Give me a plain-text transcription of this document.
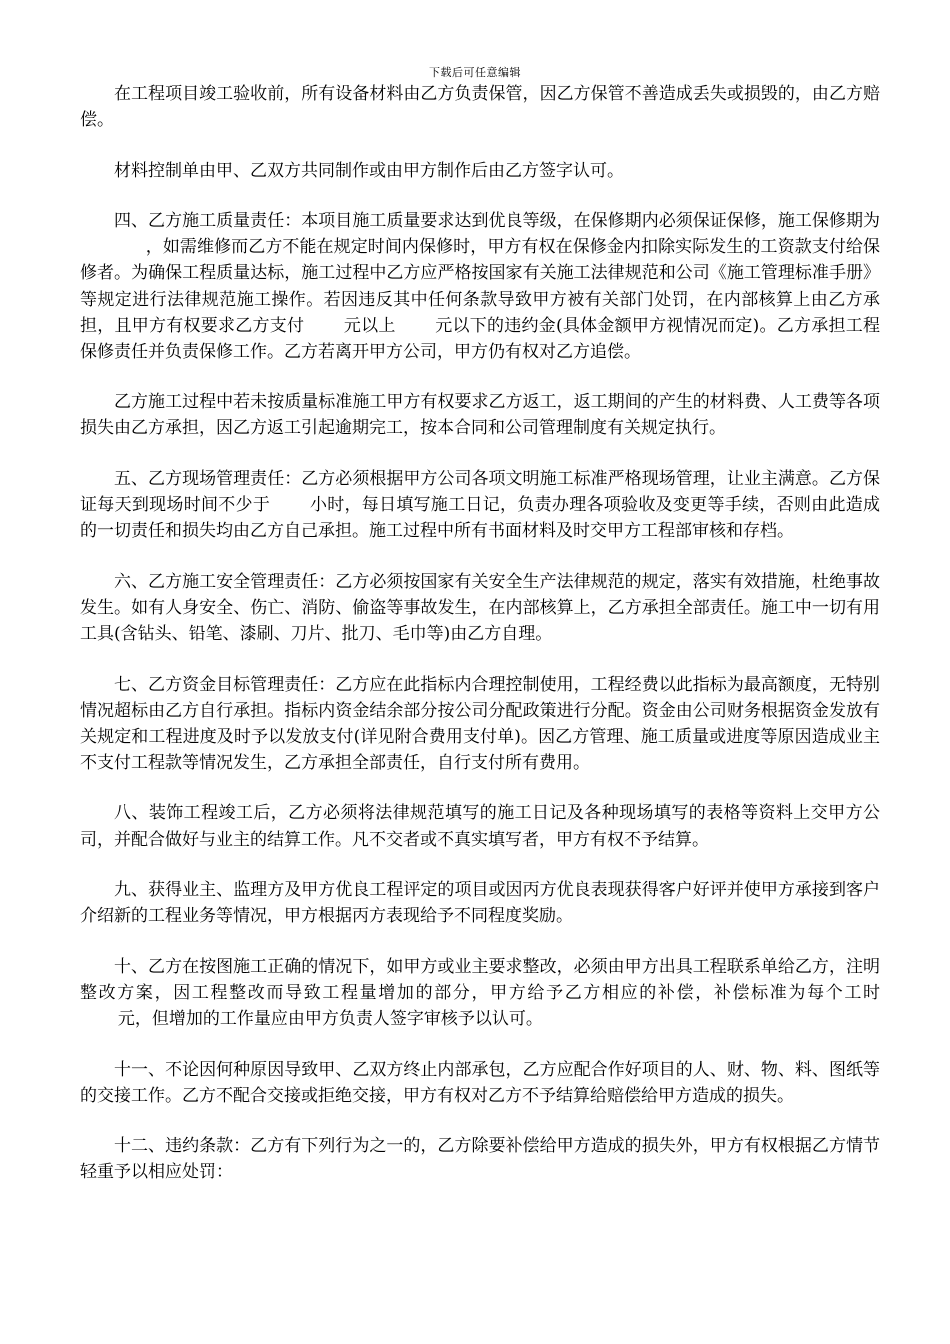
下载后可任意编辑

在工程项目竣工验收前，所有设备材料由乙方负责保管，因乙方保管不善造成丢失或损毁的，由乙方赔偿。

材料控制单由甲、乙双方共同制作或由甲方制作后由乙方签字认可。

四、乙方施工质量责任：本项目施工质量要求达到优良等级，在保修期内必须保证保修，施工保修期为            ，如需维修而乙方不能在规定时间内保修时，甲方有权在保修金内扣除实际发生的工资款支付给保修者。为确保工程质量达标，施工过程中乙方应严格按国家有关施工法律规范和公司《施工管理标准手册》等规定进行法律规范施工操作。若因违反其中任何条款导致甲方被有关部门处罚，在内部核算上由乙方承担，且甲方有权要求乙方支付 元以上 元以下的违约金(具体金额甲方视情况而定)。乙方承担工程保修责任并负责保修工作。乙方若离开甲方公司，甲方仍有权对乙方追偿。

乙方施工过程中若未按质量标准施工甲方有权要求乙方返工，返工期间的产生的材料费、人工费等各项损失由乙方承担，因乙方返工引起逾期完工，按本合同和公司管理制度有关规定执行。

五、乙方现场管理责任：乙方必须根据甲方公司各项文明施工标准严格现场管理，让业主满意。乙方保证每天到现场时间不少于 小时，每日填写施工日记，负责办理各项验收及变更等手续，否则由此造成的一切责任和损失均由乙方自己承担。施工过程中所有书面材料及时交甲方工程部审核和存档。

六、乙方施工安全管理责任：乙方必须按国家有关安全生产法律规范的规定，落实有效措施，杜绝事故发生。如有人身安全、伤亡、消防、偷盗等事故发生，在内部核算上，乙方承担全部责任。施工中一切有用工具(含钻头、铅笔、漆刷、刀片、批刀、毛巾等)由乙方自理。

七、乙方资金目标管理责任：乙方应在此指标内合理控制使用，工程经费以此指标为最高额度，无特别情况超标由乙方自行承担。指标内资金结余部分按公司分配政策进行分配。资金由公司财务根据资金发放有关规定和工程进度及时予以发放支付(详见附合费用支付单)。因乙方管理、施工质量或进度等原因造成业主不支付工程款等情况发生，乙方承担全部责任，自行支付所有费用。

八、装饰工程竣工后，乙方必须将法律规范填写的施工日记及各种现场填写的表格等资料上交甲方公司，并配合做好与业主的结算工作。凡不交者或不真实填写者，甲方有权不予结算。

九、获得业主、监理方及甲方优良工程评定的项目或因丙方优良表现获得客户好评并使甲方承接到客户介绍新的工程业务等情况，甲方根据丙方表现给予不同程度奖励。

十、乙方在按图施工正确的情况下，如甲方或业主要求整改，必须由甲方出具工程联系单给乙方，注明整改方案，因工程整改而导致工程量增加的部分，甲方给予乙方相应的补偿，补偿标准为每个工时       元，但增加的工作量应由甲方负责人签字审核予以认可。

十一、不论因何种原因导致甲、乙双方终止内部承包，乙方应配合作好项目的人、财、物、料、图纸等的交接工作。乙方不配合交接或拒绝交接，甲方有权对乙方不予结算给赔偿给甲方造成的损失。

十二、违约条款：乙方有下列行为之一的，乙方除要补偿给甲方造成的损失外，甲方有权根据乙方情节轻重予以相应处罚：
